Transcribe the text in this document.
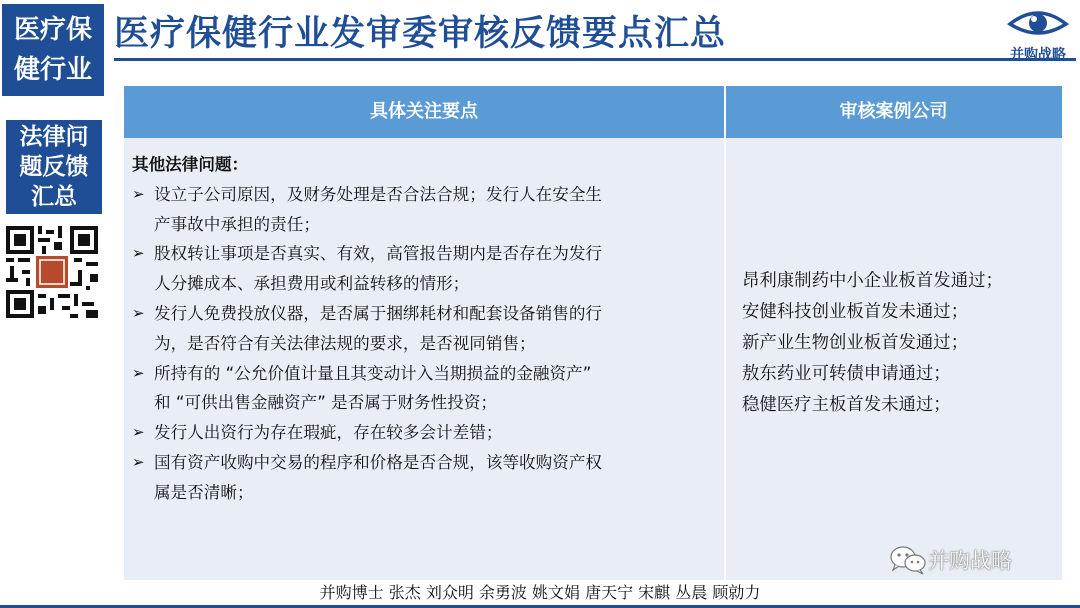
医疗保
健行业
医疗保健行业发审委审核反馈要点汇总
并购战略
法律问
题反馈
汇总
具体关注要点	审核案例公司
其他法律问题：
➢ 设立子公司原因，及财务处理是否合法合规；发行人在安全生
产事故中承担的责任；
➢ 股权转让事项是否真实、有效，高管报告期内是否存在为发行
人分摊成本、承担费用或利益转移的情形；
➢ 发行人免费投放仪器，是否属于捆绑耗材和配套设备销售的行
为，是否符合有关法律法规的要求，是否视同销售；
➢ 所持有的 “公允价值计量且其变动计入当期损益的金融资产”
和 “可供出售金融资产” 是否属于财务性投资；
➢ 发行人出资行为存在瑕疵，存在较多会计差错；
➢ 国有资产收购中交易的程序和价格是否合规，该等收购资产权
属是否清晰；
昂利康制药中小企业板首发通过；
安健科技创业板首发未通过；
新产业生物创业板首发通过；
敖东药业可转债申请通过；
稳健医疗主板首发未通过；
并购战略
并购博士 张杰 刘众明 余勇波 姚文娟 唐天宁 宋麒 丛晨 顾勍力
